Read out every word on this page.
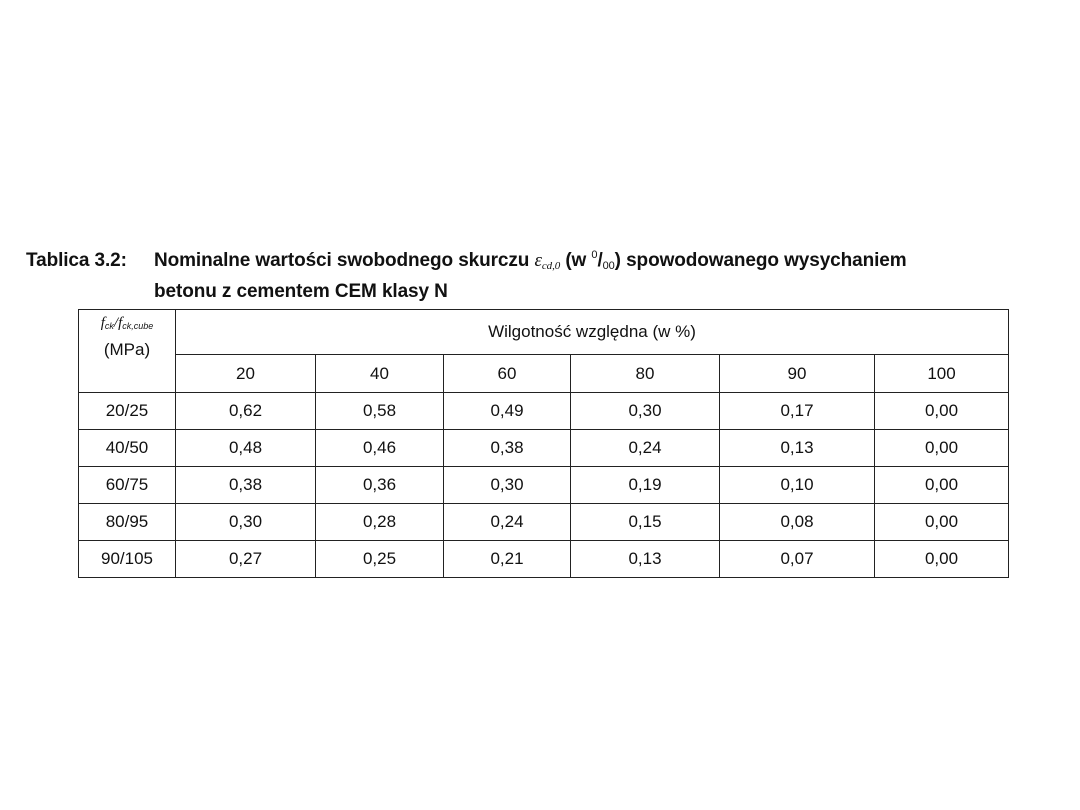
Tablica 3.2: Nominalne wartości swobodnego skurczu $\varepsilon_{cd,0}$ (w $^0$/00) spowodowanego wysychaniem
betonu z cementem CEM klasy N
fck/fck,cube
(MPa)	Wilgotność względna (w %)					
	20	40	60	80	90	100
20/25	0,62	0,58	0,49	0,30	0,17	0,00
40/50	0,48	0,46	0,38	0,24	0,13	0,00
60/75	0,38	0,36	0,30	0,19	0,10	0,00
80/95	0,30	0,28	0,24	0,15	0,08	0,00
90/105	0,27	0,25	0,21	0,13	0,07	0,00
